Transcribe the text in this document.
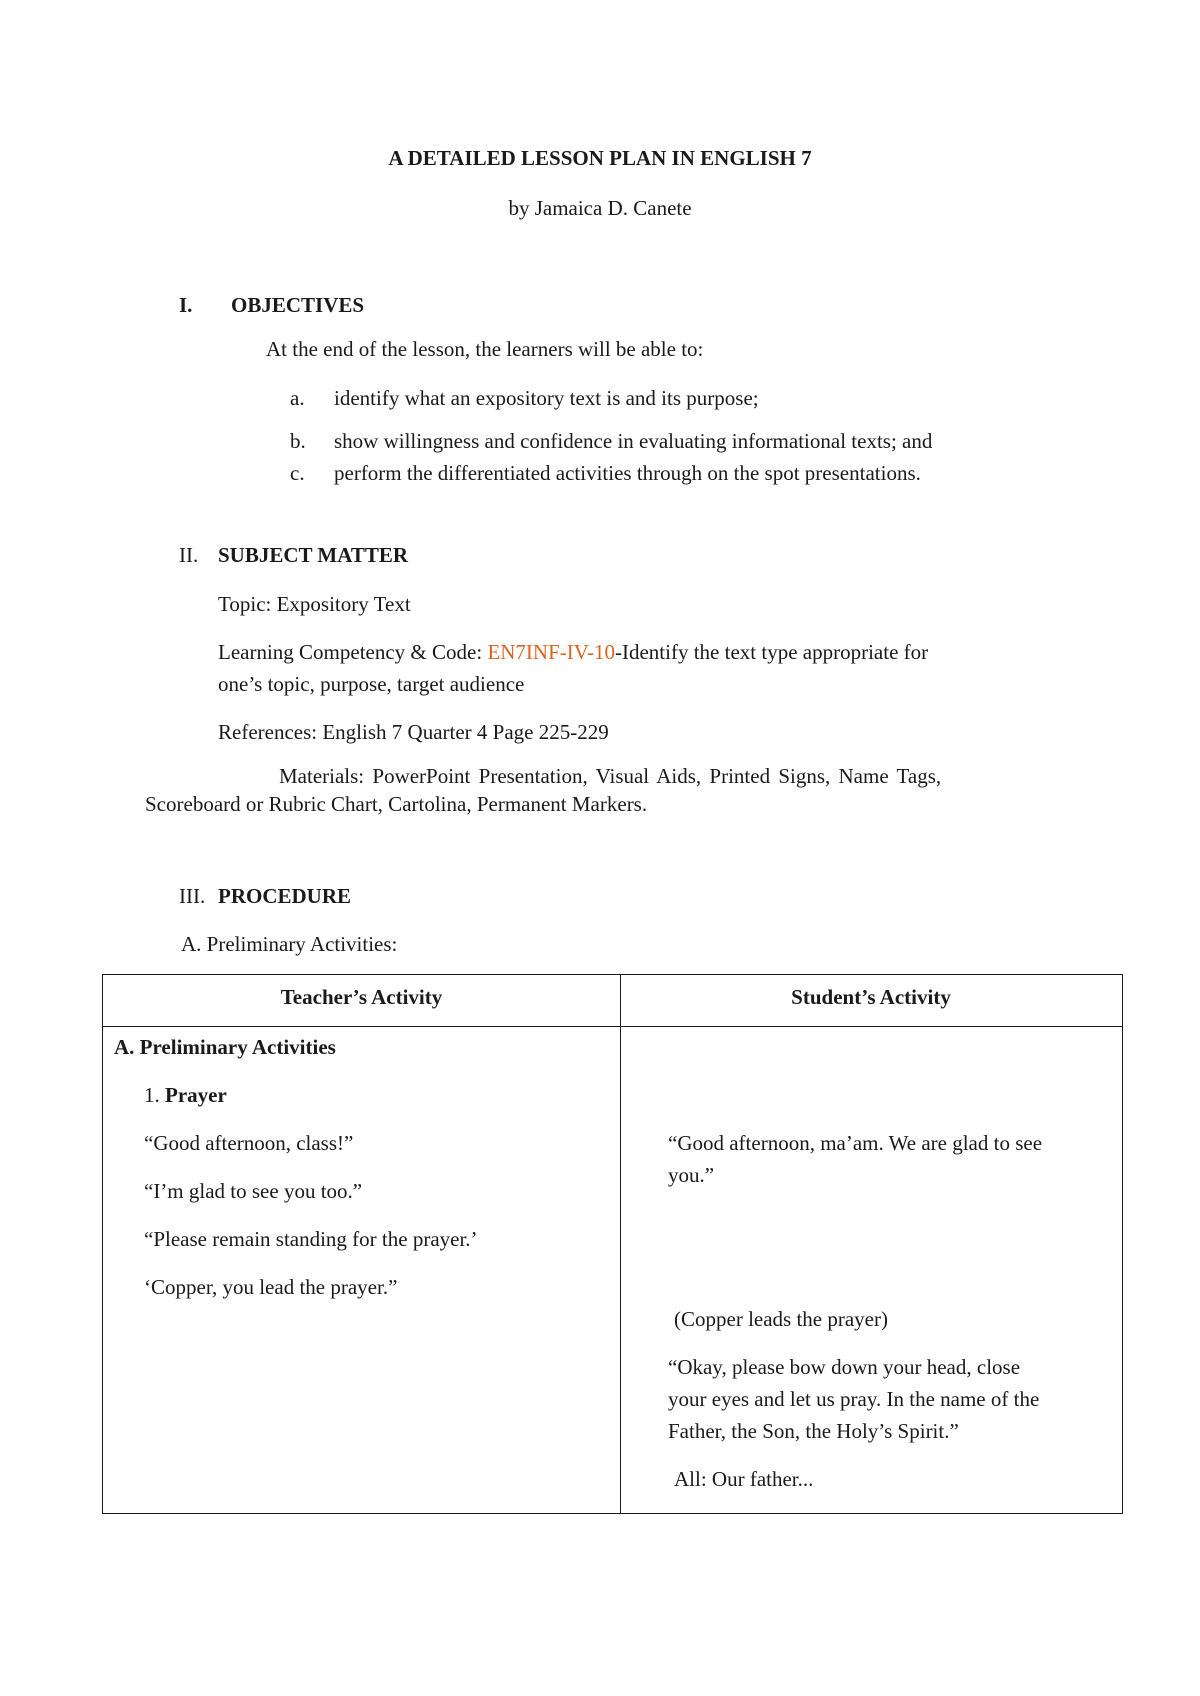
A DETAILED LESSON PLAN IN ENGLISH 7
by Jamaica D. Canete
I. OBJECTIVES
At the end of the lesson, the learners will be able to:
a. identify what an expository text is and its purpose;
b. show willingness and confidence in evaluating informational texts; and
c. perform the differentiated activities through on the spot presentations.
II. SUBJECT MATTER
Topic: Expository Text
Learning Competency & Code: EN7INF-IV-10-Identify the text type appropriate for
one’s topic, purpose, target audience
References: English 7 Quarter 4 Page 225-229
Materials: PowerPoint Presentation, Visual Aids, Printed Signs, Name Tags,
Scoreboard or Rubric Chart, Cartolina, Permanent Markers.
III. PROCEDURE
A. Preliminary Activities:
Teacher’s Activity	Student’s Activity
A. Preliminary Activities
1. Prayer
“Good afternoon, class!”
“I’m glad to see you too.”
“Please remain standing for the prayer.’
‘Copper, you lead the prayer.”
“Good afternoon, ma’am. We are glad to see
you.”
(Copper leads the prayer)
“Okay, please bow down your head, close
your eyes and let us pray. In the name of the
Father, the Son, the Holy’s Spirit.”
All: Our father...
